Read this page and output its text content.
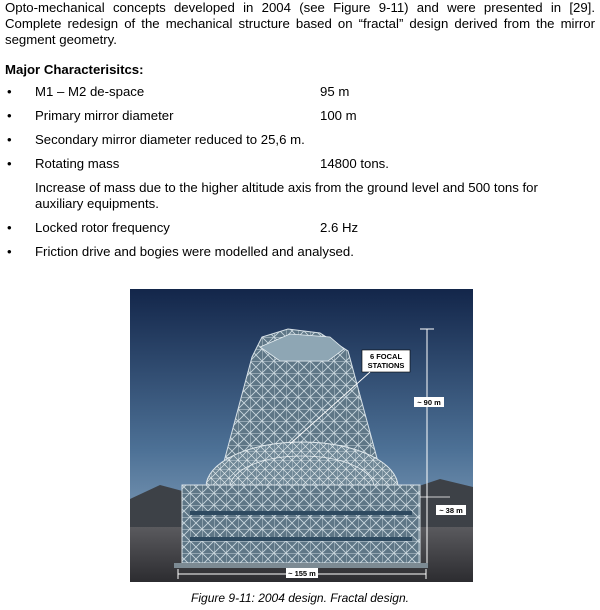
Opto-mechanical concepts developed in 2004 (see Figure 9-11) and were presented in [29]. Complete redesign of the mechanical structure based on “fractal” design derived from the mirror segment geometry.

Major Characterisitcs:

• M1 – M2 de-space	95 m
• Primary mirror diameter	100 m
• Secondary mirror diameter reduced to 25,6 m.
• Rotating mass	14800 tons.
Increase of mass due to the higher altitude axis from the ground level and 500 tons for auxiliary equipments.
• Locked rotor frequency	2.6 Hz
• Friction drive and bogies were modelled and analysed.
6 FOCAL
STATIONS
~ 90 m
~ 38 m
~ 155 m
Figure 9-11: 2004 design. Fractal design.
